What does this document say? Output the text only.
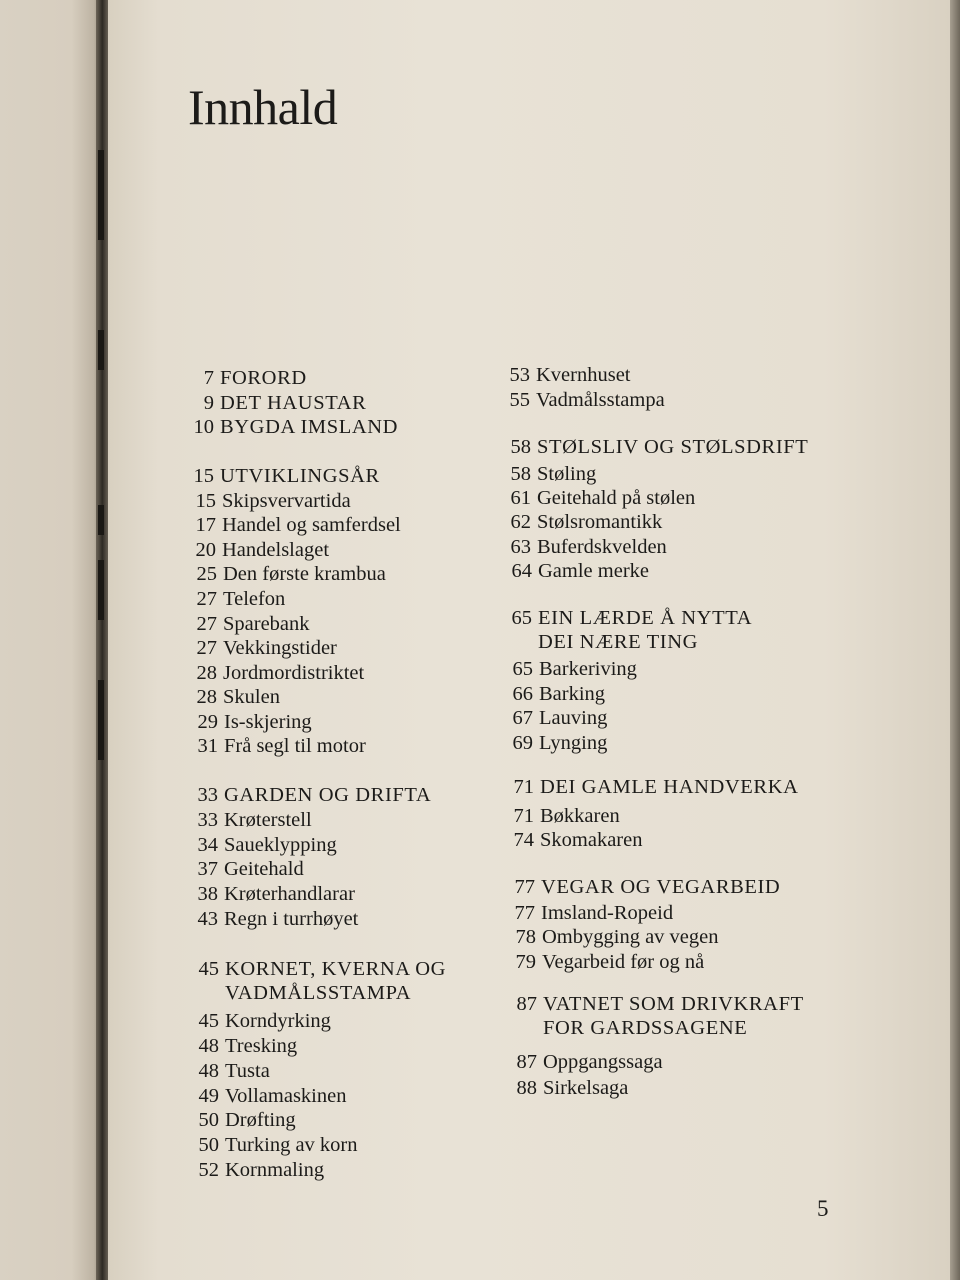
Innhald
7 FORORD
9 DET HAUSTAR
10 BYGDA IMSLAND
15 UTVIKLINGSÅR
15 Skipsvervartida
17 Handel og samferdsel
20 Handelslaget
25 Den første krambua
27 Telefon
27 Sparebank
27 Vekkingstider
28 Jordmordistriktet
28 Skulen
29 Is-skjering
31 Frå segl til motor
33 GARDEN OG DRIFTA
33 Krøterstell
34 Saueklypping
37 Geitehald
38 Krøterhandlarar
43 Regn i turrhøyet
45 KORNET, KVERNA OG
VADMÅLSSTAMPA
45 Korndyrking
48 Tresking
48 Tusta
49 Vollamaskinen
50 Drøfting
50 Turking av korn
52 Kornmaling
53 Kvernhuset
55 Vadmålsstampa
58 STØLSLIV OG STØLSDRIFT
58 Støling
61 Geitehald på stølen
62 Stølsromantikk
63 Buferdskvelden
64 Gamle merke
65 EIN LÆRDE Å NYTTA
DEI NÆRE TING
65 Barkeriving
66 Barking
67 Lauving
69 Lynging
71 DEI GAMLE HANDVERKA
71 Bøkkaren
74 Skomakaren
77 VEGAR OG VEGARBEID
77 Imsland-Ropeid
78 Ombygging av vegen
79 Vegarbeid før og nå
87 VATNET SOM DRIVKRAFT
FOR GARDSSAGENE
87 Oppgangssaga
88 Sirkelsaga
5
